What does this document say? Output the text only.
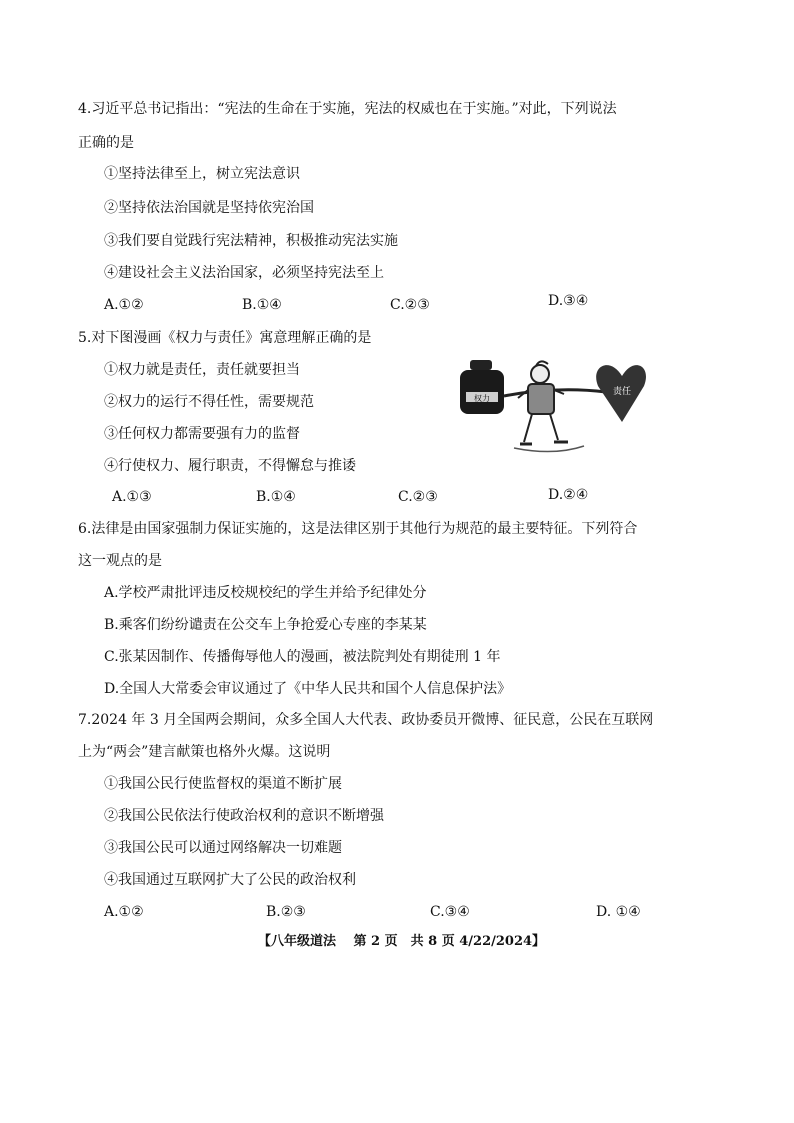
4.习近平总书记指出：“宪法的生命在于实施，宪法的权威也在于实施。”对此，下列说法
正确的是
①坚持法律至上，树立宪法意识
②坚持依法治国就是坚持依宪治国
③我们要自觉践行宪法精神，积极推动宪法实施
④建设社会主义法治国家，必须坚持宪法至上
A.①②	B.①④	C.②③	D.③④
5.对下图漫画《权力与责任》寓意理解正确的是
①权力就是责任，责任就要担当
②权力的运行不得任性，需要规范
③任何权力都需要强有力的监督
④行使权力、履行职责，不得懈怠与推诿
A.①③	B.①④	C.②③	D.②④
权力
责任
6.法律是由国家强制力保证实施的，这是法律区别于其他行为规范的最主要特征。下列符合
这一观点的是
A.学校严肃批评违反校规校纪的学生并给予纪律处分
B.乘客们纷纷谴责在公交车上争抢爱心专座的李某某
C.张某因制作、传播侮辱他人的漫画，被法院判处有期徒刑 1 年
D.全国人大常委会审议通过了《中华人民共和国个人信息保护法》
7.2024 年 3 月全国两会期间，众多全国人大代表、政协委员开微博、征民意，公民在互联网
上为“两会”建言献策也格外火爆。这说明
①我国公民行使监督权的渠道不断扩展
②我国公民依法行使政治权利的意识不断增强
③我国公民可以通过网络解决一切难题
④我国通过互联网扩大了公民的政治权利
A.①②	B.②③	C.③④	D. ①④
【八年级道法　 第 2 页　共 8 页 4/22/2024】
